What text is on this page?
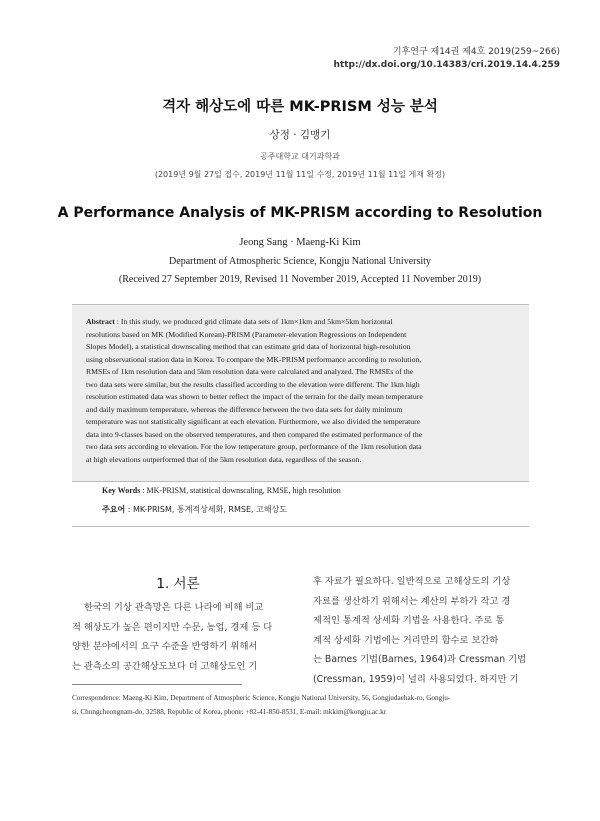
기후연구 제14권 제4호 2019(259~266)
http://dx.doi.org/10.14383/cri.2019.14.4.259
격자 해상도에 따른 MK-PRISM 성능 분석
상정 · 김맹기
공주대학교 대기과학과
(2019년 9월 27일 접수, 2019년 11월 11일 수정, 2019년 11월 11일 게재 확정)
A Performance Analysis of MK-PRISM according to Resolution
Jeong Sang · Maeng-Ki Kim
Department of Atmospheric Science, Kongju National University
(Received 27 September 2019, Revised 11 November 2019, Accepted 11 November 2019)
Abstract : In this study, we produced grid climate data sets of 1km×1km and 5km×5km horizontal
resolutions based on MK (Modified Korean)-PRISM (Parameter-elevation Regressions on Independent
Slopes Model), a statistical downscaling method that can estimate grid data of horizontal high-resolution
using observational station data in Korea. To compare the MK-PRISM performance according to resolution,
RMSEs of 1km resolution data and 5km resolution data were calculated and analyzed. The RMSEs of the
two data sets were similar, but the results classified according to the elevation were different. The 1km high
resolution estimated data was shown to better reflect the impact of the terrain for the daily mean temperature
and daily maximum temperature, whereas the difference between the two data sets for daily minimum
temperature was not statistically significant at each elevation. Furthermore, we also divided the temperature
data into 9-classes based on the observed temperatures, and then compared the estimated performance of the
two data sets according to elevation. For the low temperature group, performance of the 1km resolution data
at high elevations outperformed that of the 5km resolution data, regardless of the season.
Key Words : MK-PRISM, statistical downscaling, RMSE, high resolution
주요어 : MK-PRISM, 통계적상세화, RMSE, 고해상도
1. 서론
한국의 기상 관측망은 다른 나라에 비해 비교
적 해상도가 높은 편이지만 수문, 농업, 경제 등 다
양한 분야에서의 요구 수준을 반영하기 위해서
는 관측소의 공간해상도보다 더 고해상도인 기
후 자료가 필요하다. 일반적으로 고해상도의 기상
자료를 생산하기 위해서는 계산의 부하가 작고 경
제적인 통계적 상세화 기법을 사용한다. 주로 통
계적 상세화 기법에는 거리만의 함수로 보간하
는 Barnes 기법(Barnes, 1964)과 Cressman 기법
(Cressman, 1959)이 널리 사용되었다. 하지만 기
Correspondence: Maeng-Ki Kim, Department of Atmospheric Science, Kongju National University, 56, Gongjudaehak-ro, Gongju-
si, Chungcheongnam-do, 32588, Republic of Korea, phone: +82-41-850-8531, E-mail: mkkim@kongju.ac.kr
